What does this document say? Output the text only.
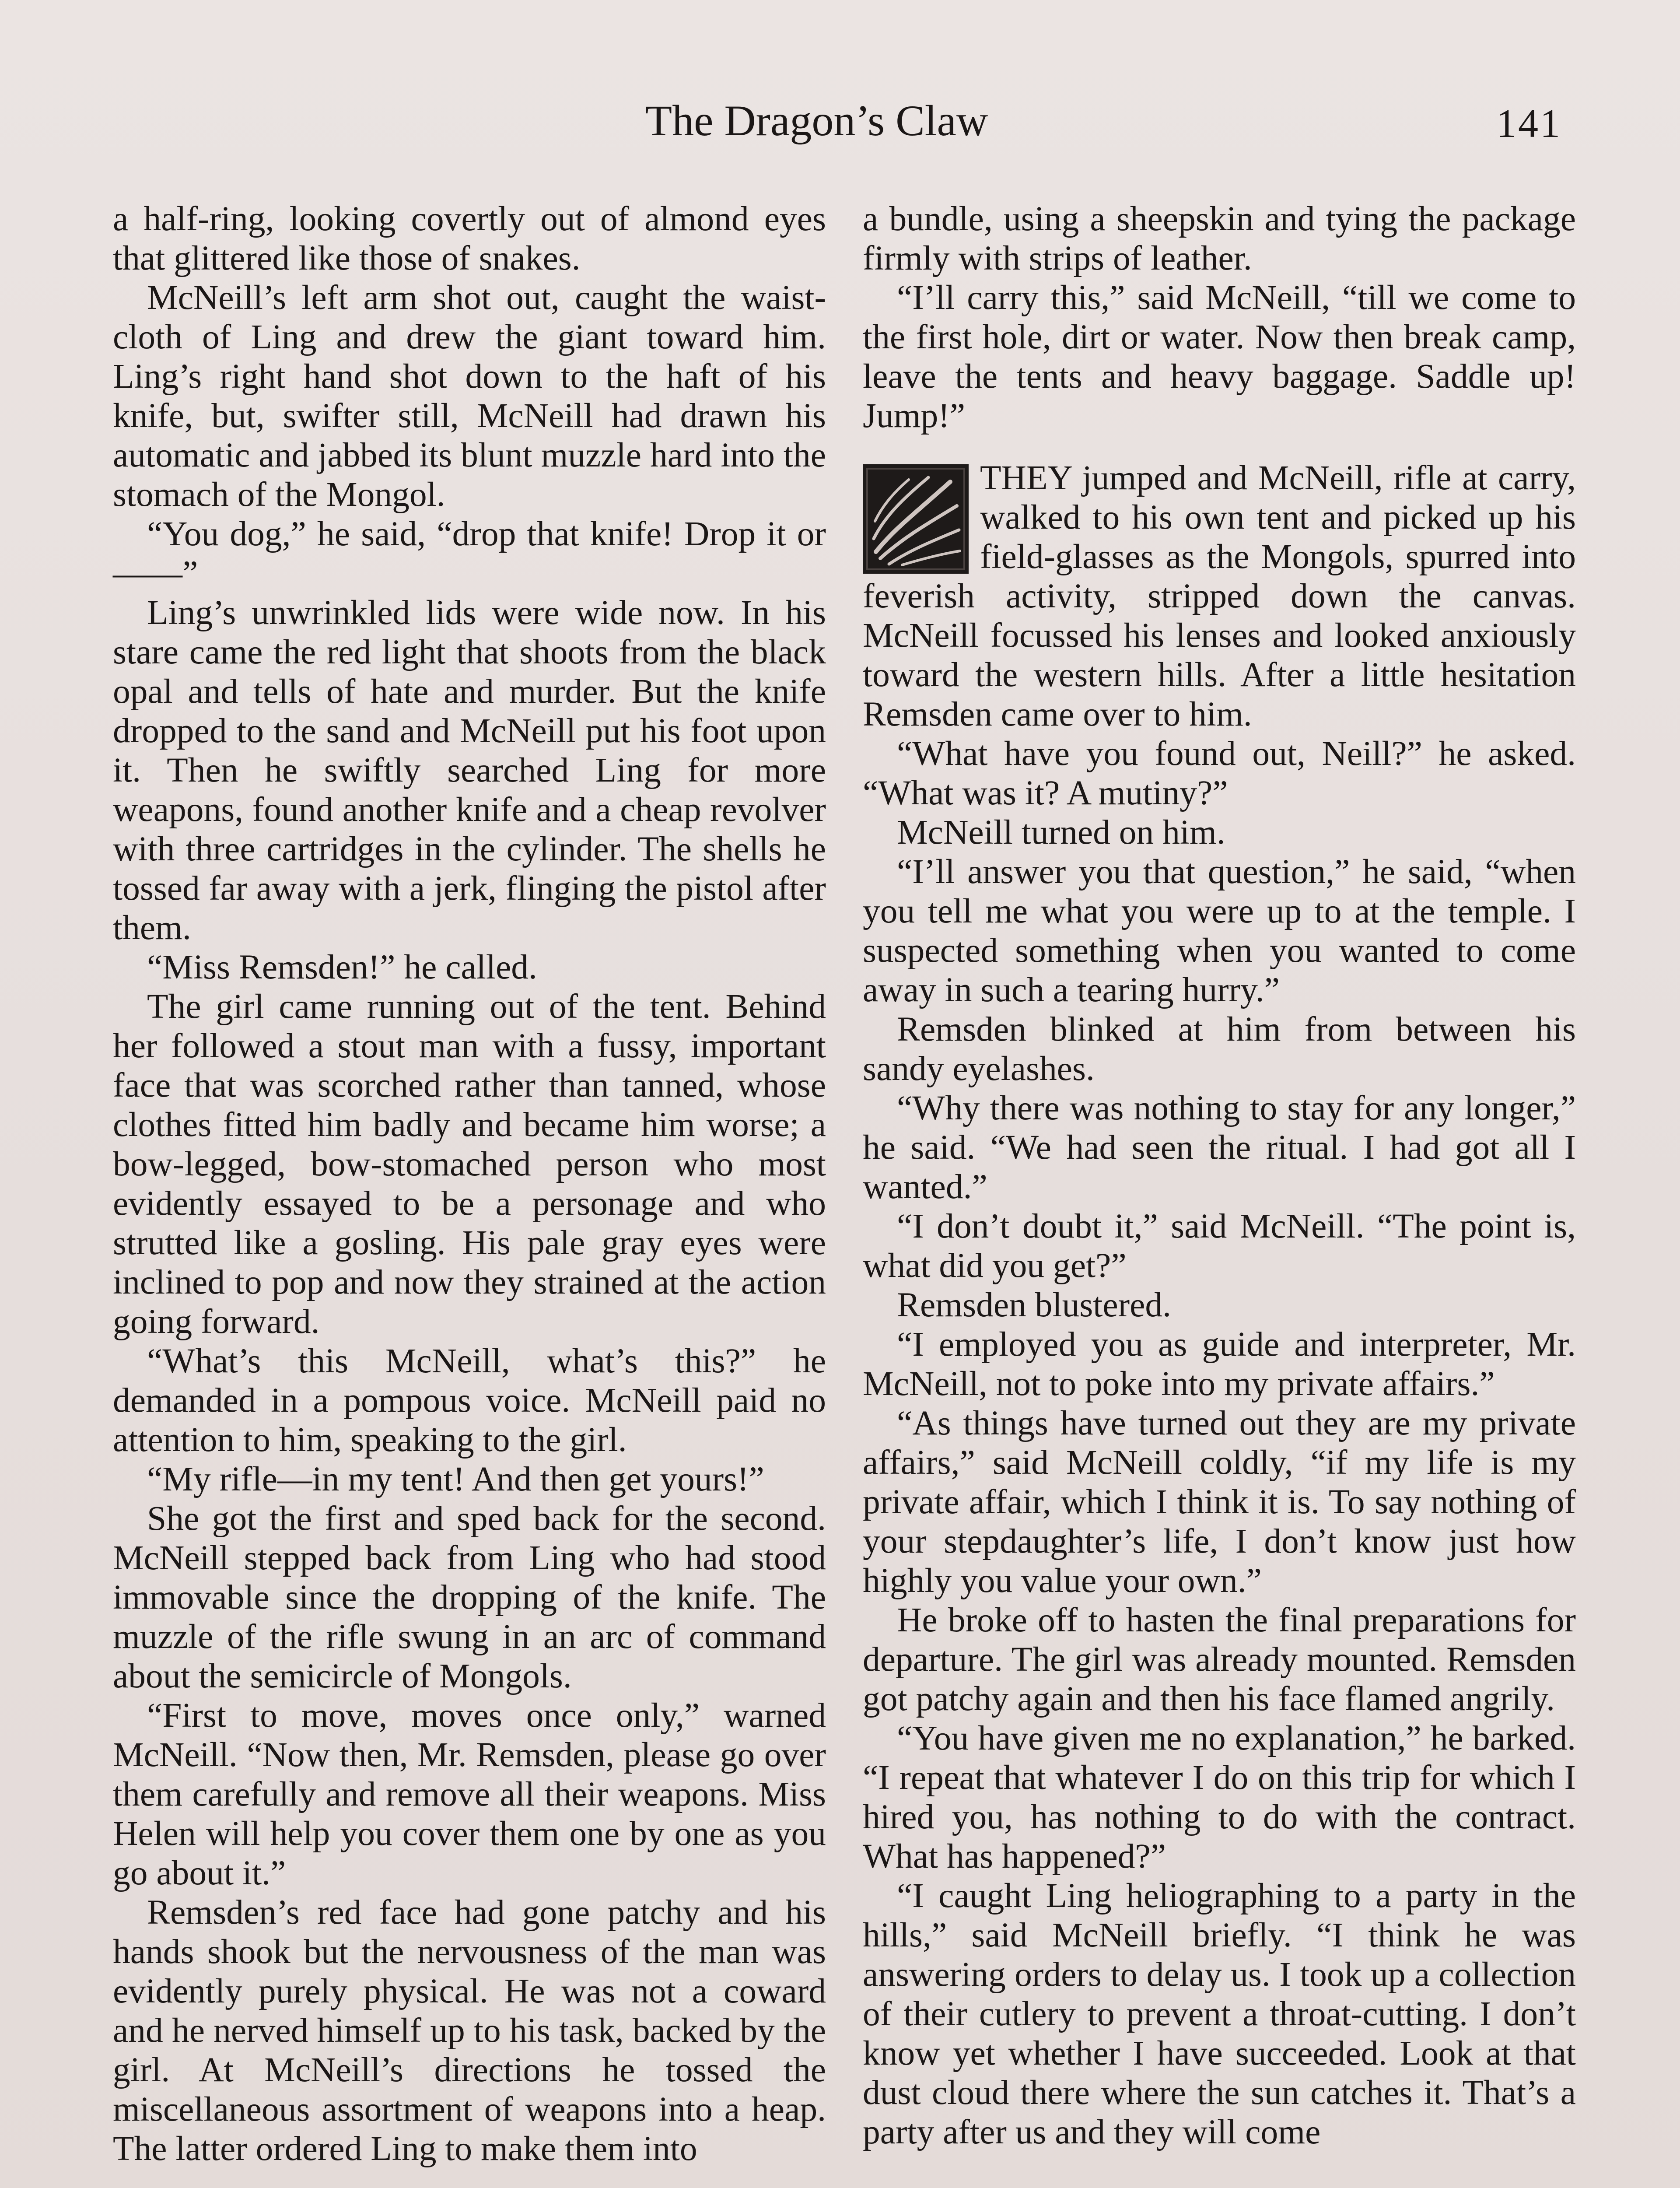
The Dragon’s Claw	141

a half-ring, looking covertly out of almond eyes that glittered like those of snakes.

McNeill’s left arm shot out, caught the waist-cloth of Ling and drew the giant toward him. Ling’s right hand shot down to the haft of his knife, but, swifter still, McNeill had drawn his automatic and jabbed its blunt muzzle hard into the stomach of the Mongol.

“You dog,” he said, “drop that knife! Drop it or——”

Ling’s unwrinkled lids were wide now. In his stare came the red light that shoots from the black opal and tells of hate and murder. But the knife dropped to the sand and McNeill put his foot upon it. Then he swiftly searched Ling for more weapons, found another knife and a cheap revolver with three cartridges in the cylinder. The shells he tossed far away with a jerk, flinging the pistol after them.

“Miss Remsden!” he called.

The girl came running out of the tent. Behind her followed a stout man with a fussy, important face that was scorched rather than tanned, whose clothes fitted him badly and became him worse; a bow-legged, bow-stomached person who most evidently essayed to be a personage and who strutted like a gosling. His pale gray eyes were inclined to pop and now they strained at the action going forward.

“What’s this McNeill, what’s this?” he demanded in a pompous voice. McNeill paid no attention to him, speaking to the girl.

“My rifle—in my tent! And then get yours!”

She got the first and sped back for the second. McNeill stepped back from Ling who had stood immovable since the dropping of the knife. The muzzle of the rifle swung in an arc of command about the semicircle of Mongols.

“First to move, moves once only,” warned McNeill. “Now then, Mr. Remsden, please go over them carefully and remove all their weapons. Miss Helen will help you cover them one by one as you go about it.”

Remsden’s red face had gone patchy and his hands shook but the nervousness of the man was evidently purely physical. He was not a coward and he nerved himself up to his task, backed by the girl. At McNeill’s directions he tossed the miscellaneous assortment of weapons into a heap. The latter ordered Ling to make them into

a bundle, using a sheepskin and tying the package firmly with strips of leather.

“I’ll carry this,” said McNeill, “till we come to the first hole, dirt or water. Now then break camp, leave the tents and heavy baggage. Saddle up! Jump!”

THEY jumped and McNeill, rifle at carry, walked to his own tent and picked up his field-glasses as the Mongols, spurred into feverish activity, stripped down the canvas. McNeill focussed his lenses and looked anxiously toward the western hills. After a little hesitation Remsden came over to him.

“What have you found out, Neill?” he asked. “What was it? A mutiny?”

McNeill turned on him.

“I’ll answer you that question,” he said, “when you tell me what you were up to at the temple. I suspected something when you wanted to come away in such a tearing hurry.”

Remsden blinked at him from between his sandy eyelashes.

“Why there was nothing to stay for any longer,” he said. “We had seen the ritual. I had got all I wanted.”

“I don’t doubt it,” said McNeill. “The point is, what did you get?”

Remsden blustered.

“I employed you as guide and interpreter, Mr. McNeill, not to poke into my private affairs.”

“As things have turned out they are my private affairs,” said McNeill coldly, “if my life is my private affair, which I think it is. To say nothing of your stepdaughter’s life, I don’t know just how highly you value your own.”

He broke off to hasten the final preparations for departure. The girl was already mounted. Remsden got patchy again and then his face flamed angrily.

“You have given me no explanation,” he barked. “I repeat that whatever I do on this trip for which I hired you, has nothing to do with the contract. What has happened?”

“I caught Ling heliographing to a party in the hills,” said McNeill briefly. “I think he was answering orders to delay us. I took up a collection of their cutlery to prevent a throat-cutting. I don’t know yet whether I have succeeded. Look at that dust cloud there where the sun catches it. That’s a party after us and they will come
